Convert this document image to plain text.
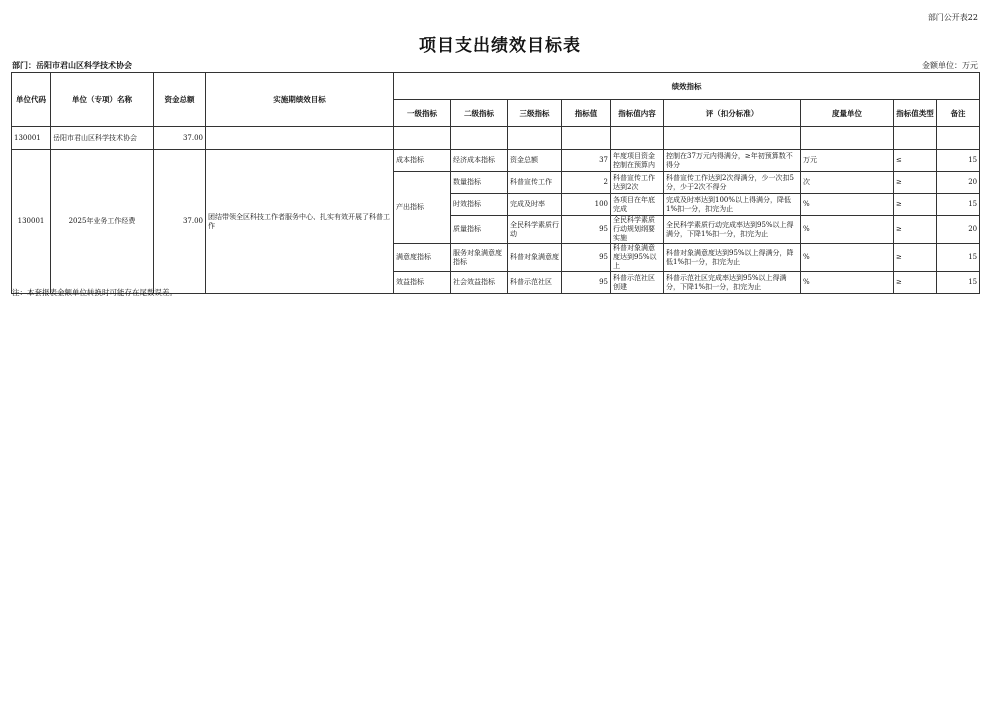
部门公开表22
项目支出绩效目标表
部门：岳阳市君山区科学技术协会	金额单位：万元
单位代码	单位（专项）名称	资金总额	实施期绩效目标	绩效指标								
				一级指标	二级指标	三级指标	指标值	指标值内容	评（扣分标准）	度量单位	指标值类型	备注
130001	岳阳市君山区科学技术协会	37.00										
130001	2025年业务工作经费	37.00	团结带领全区科技工作者服务中心、扎实有效开展了科普工作	成本指标	经济成本指标	资金总额	37	年度项目资金控制在预算内	控制在37万元内得满分，≥年初预算数不得分	万元	≤	15
				产出指标	数量指标	科普宣传工作	2	科普宣传工作达到2次	科普宣传工作达到2次得满分，少一次扣5分，少于2次不得分	次	≥	20
					时效指标	完成及时率	100	各项目在年底完成	完成及时率达到100%以上得满分，降低1%扣一分，扣完为止	%	≥	15
					质量指标	全民科学素质行动	95	全民科学素质行动规划纲要实施	全民科学素质行动完成率达到95%以上得满分，下降1%扣一分，扣完为止	%	≥	20
				满意度指标	服务对象满意度指标	科普对象满意度	95	科普对象满意度达到95%以上	科普对象满意度达到95%以上得满分，降低1%扣一分，扣完为止	%	≥	15
				效益指标	社会效益指标	科普示范社区	95	科普示范社区创建	科普示范社区完成率达到95%以上得满分，下降1%扣一分，扣完为止	%	≥	15
注：本套报表金额单位转换时可能存在尾数误差。
